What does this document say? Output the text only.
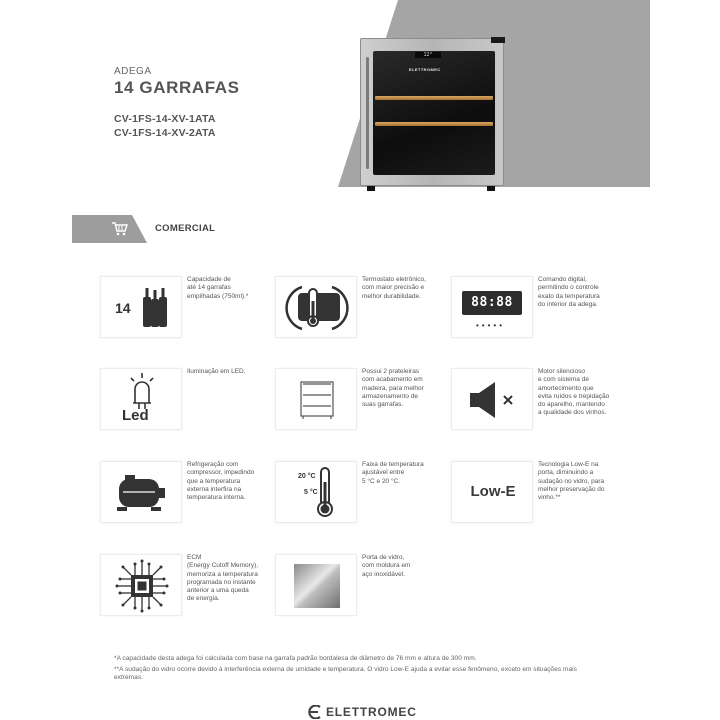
12°
ELETTROMEC
ADEGA
14 GARRAFAS
CV-1FS-14-XV-1ATA
CV-1FS-14-XV-2ATA
COMERCIAL
14
Capacidade de
até 14 garrafas
empilhadas (750ml).*
Termostato eletrônico,
com maior precisão e
melhor durabilidade.	88:88
•••••
Comando digital,
permitindo o controle
exato da temperatura
do interior da adega.
Led
Iluminação em LED.	Possui 2 prateleiras
com acabamento em
madeira, para melhor
armazenamento de
suas garrafas.
Motor silencioso
e com sistema de
amortecimento que
evita ruídos e trepidação
do aparelho, mantendo
a qualidade dos vinhos.
Refrigeração com
compressor, impedindo
que a temperatura
externa interfira na
temperatura interna.
20 °C
5 °C
Faixa de temperatura
ajustável entre
5 °C e 20 °C.
Low-E
Tecnologia Low-E na
porta, diminuindo a
sudação no vidro, para
melhor preservação do
vinho.**
ECM
(Energy Cutoff Memory),
memoriza a temperatura
programada no instante
anterior a uma queda
de energia.
Porta de vidro,
com moldura em
aço inoxidável.
*A capacidade desta adega foi calculada com base na garrafa padrão bordalesa de diâmetro de 76 mm e altura de 300 mm.
**A sudação do vidro ocorre devido à interferência externa de umidade e temperatura. O vidro Low-E ajuda a evitar esse fenômeno, exceto em situações mais extremas.
ELETTROMEC
